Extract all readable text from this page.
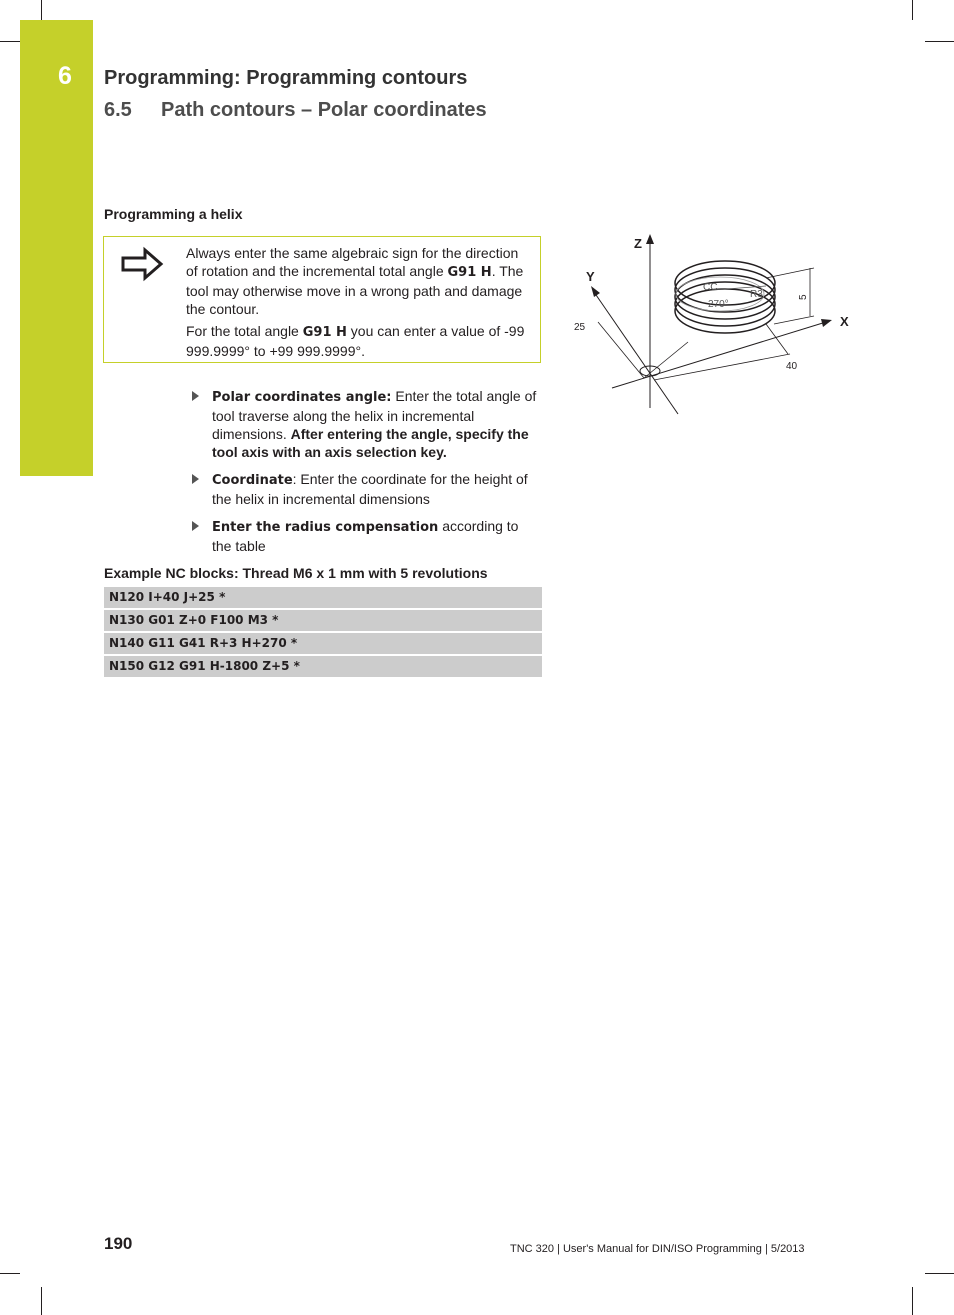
6 Programming: Programming contours
6.5 Path contours – Polar coordinates
Programming a helix

Always enter the same algebraic sign for the direction of rotation and the incremental total angle G91 H. The tool may otherwise move in a wrong path and damage the contour.

For the total angle G91 H you can enter a value of -99 999.9999° to +99 999.9999°.

Z
Y
X
25
40
5
CC
R3
270°
Polar coordinates angle: Enter the total angle of tool traverse along the helix in incremental dimensions. After entering the angle, specify the tool axis with an axis selection key.
Coordinate: Enter the coordinate for the height of the helix in incremental dimensions
Enter the radius compensation according to the table
Example NC blocks: Thread M6 x 1 mm with 5 revolutions
N120 I+40 J+25 *
N130 G01 Z+0 F100 M3 *
N140 G11 G41 R+3 H+270 *
N150 G12 G91 H-1800 Z+5 *
190	TNC 320 | User's Manual for DIN/ISO Programming | 5/2013
